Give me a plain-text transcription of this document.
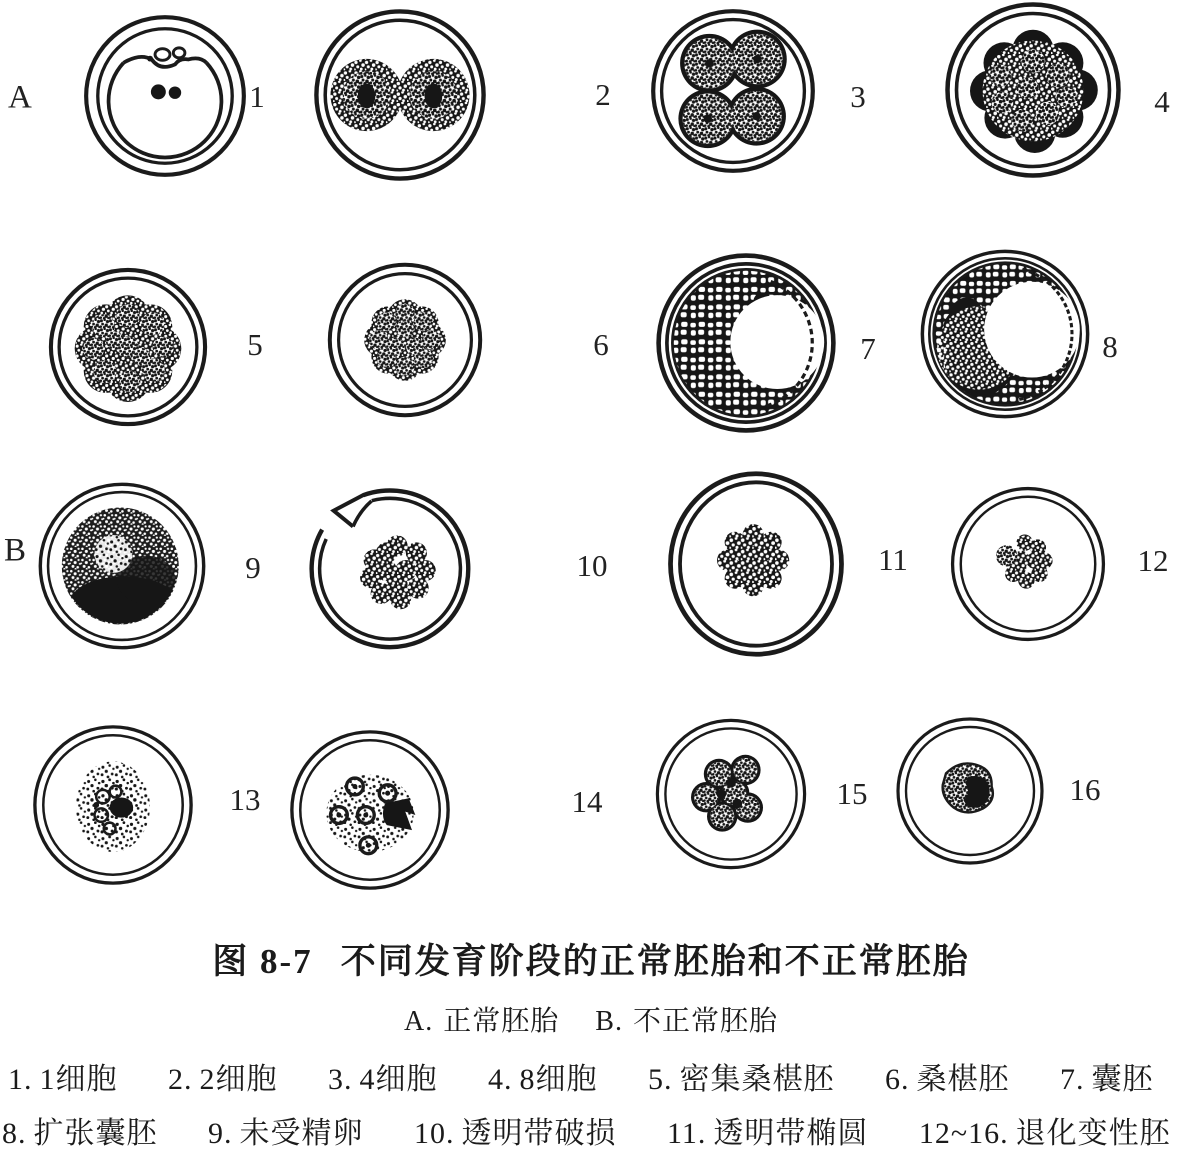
A
B
1	2	3	4
5	6	7	8
9	10	11	12
13	14	15	16
图 8-7 不同发育阶段的正常胚胎和不正常胚胎
A. 正常胚胎 B. 不正常胚胎
1. 1细胞 2. 2细胞 3. 4细胞 4. 8细胞 5. 密集桑椹胚 6. 桑椹胚 7. 囊胚
8. 扩张囊胚 9. 未受精卵 10. 透明带破损 11. 透明带椭圆 12~16. 退化变性胚
